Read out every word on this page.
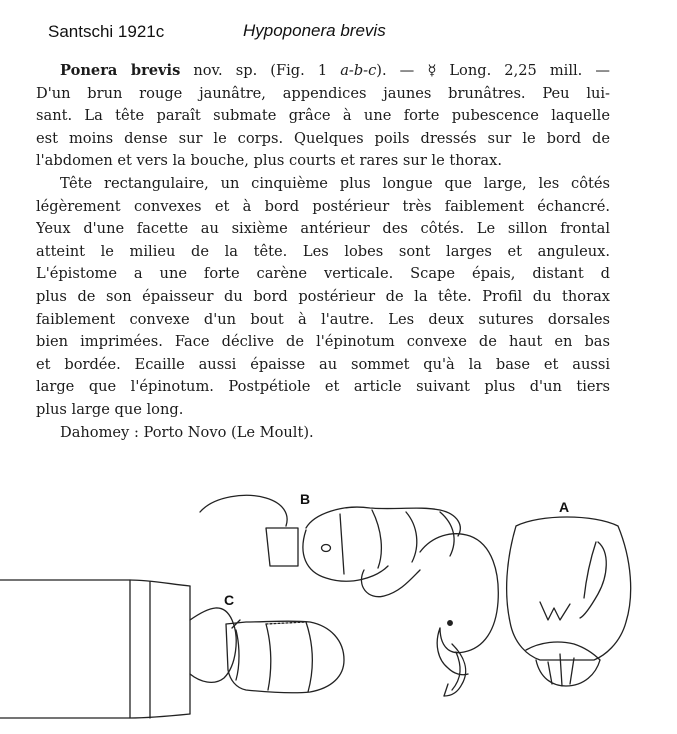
Santschi 1921c	Hypoponera brevis
Ponera brevis nov. sp. (Fig. 1 a-b-c). — ☿ Long. 2,25 mill. —
D'un brun rouge jaunâtre, appendices jaunes brunâtres. Peu lui-
sant. La tête paraît submate grâce à une forte pubescence laquelle
est moins dense sur le corps. Quelques poils dressés sur le bord de
l'abdomen et vers la bouche, plus courts et rares sur le thorax.
Tête rectangulaire, un cinquième plus longue que large, les côtés
légèrement convexes et à bord postérieur très faiblement échancré.
Yeux d'une facette au sixième antérieur des côtés. Le sillon frontal
atteint le milieu de la tête. Les lobes sont larges et anguleux.
L'épistome a une forte carène verticale. Scape épais, distant d
plus de son épaisseur du bord postérieur de la tête. Profil du thorax
faiblement convexe d'un bout à l'autre. Les deux sutures dorsales
bien imprimées. Face déclive de l'épinotum convexe de haut en bas
et bordée. Ecaille aussi épaisse au sommet qu'à la base et aussi
large que l'épinotum. Postpétiole et article suivant plus d'un tiers
plus large que long.
Dahomey : Porto Novo (Le Moult).
B	A
C
